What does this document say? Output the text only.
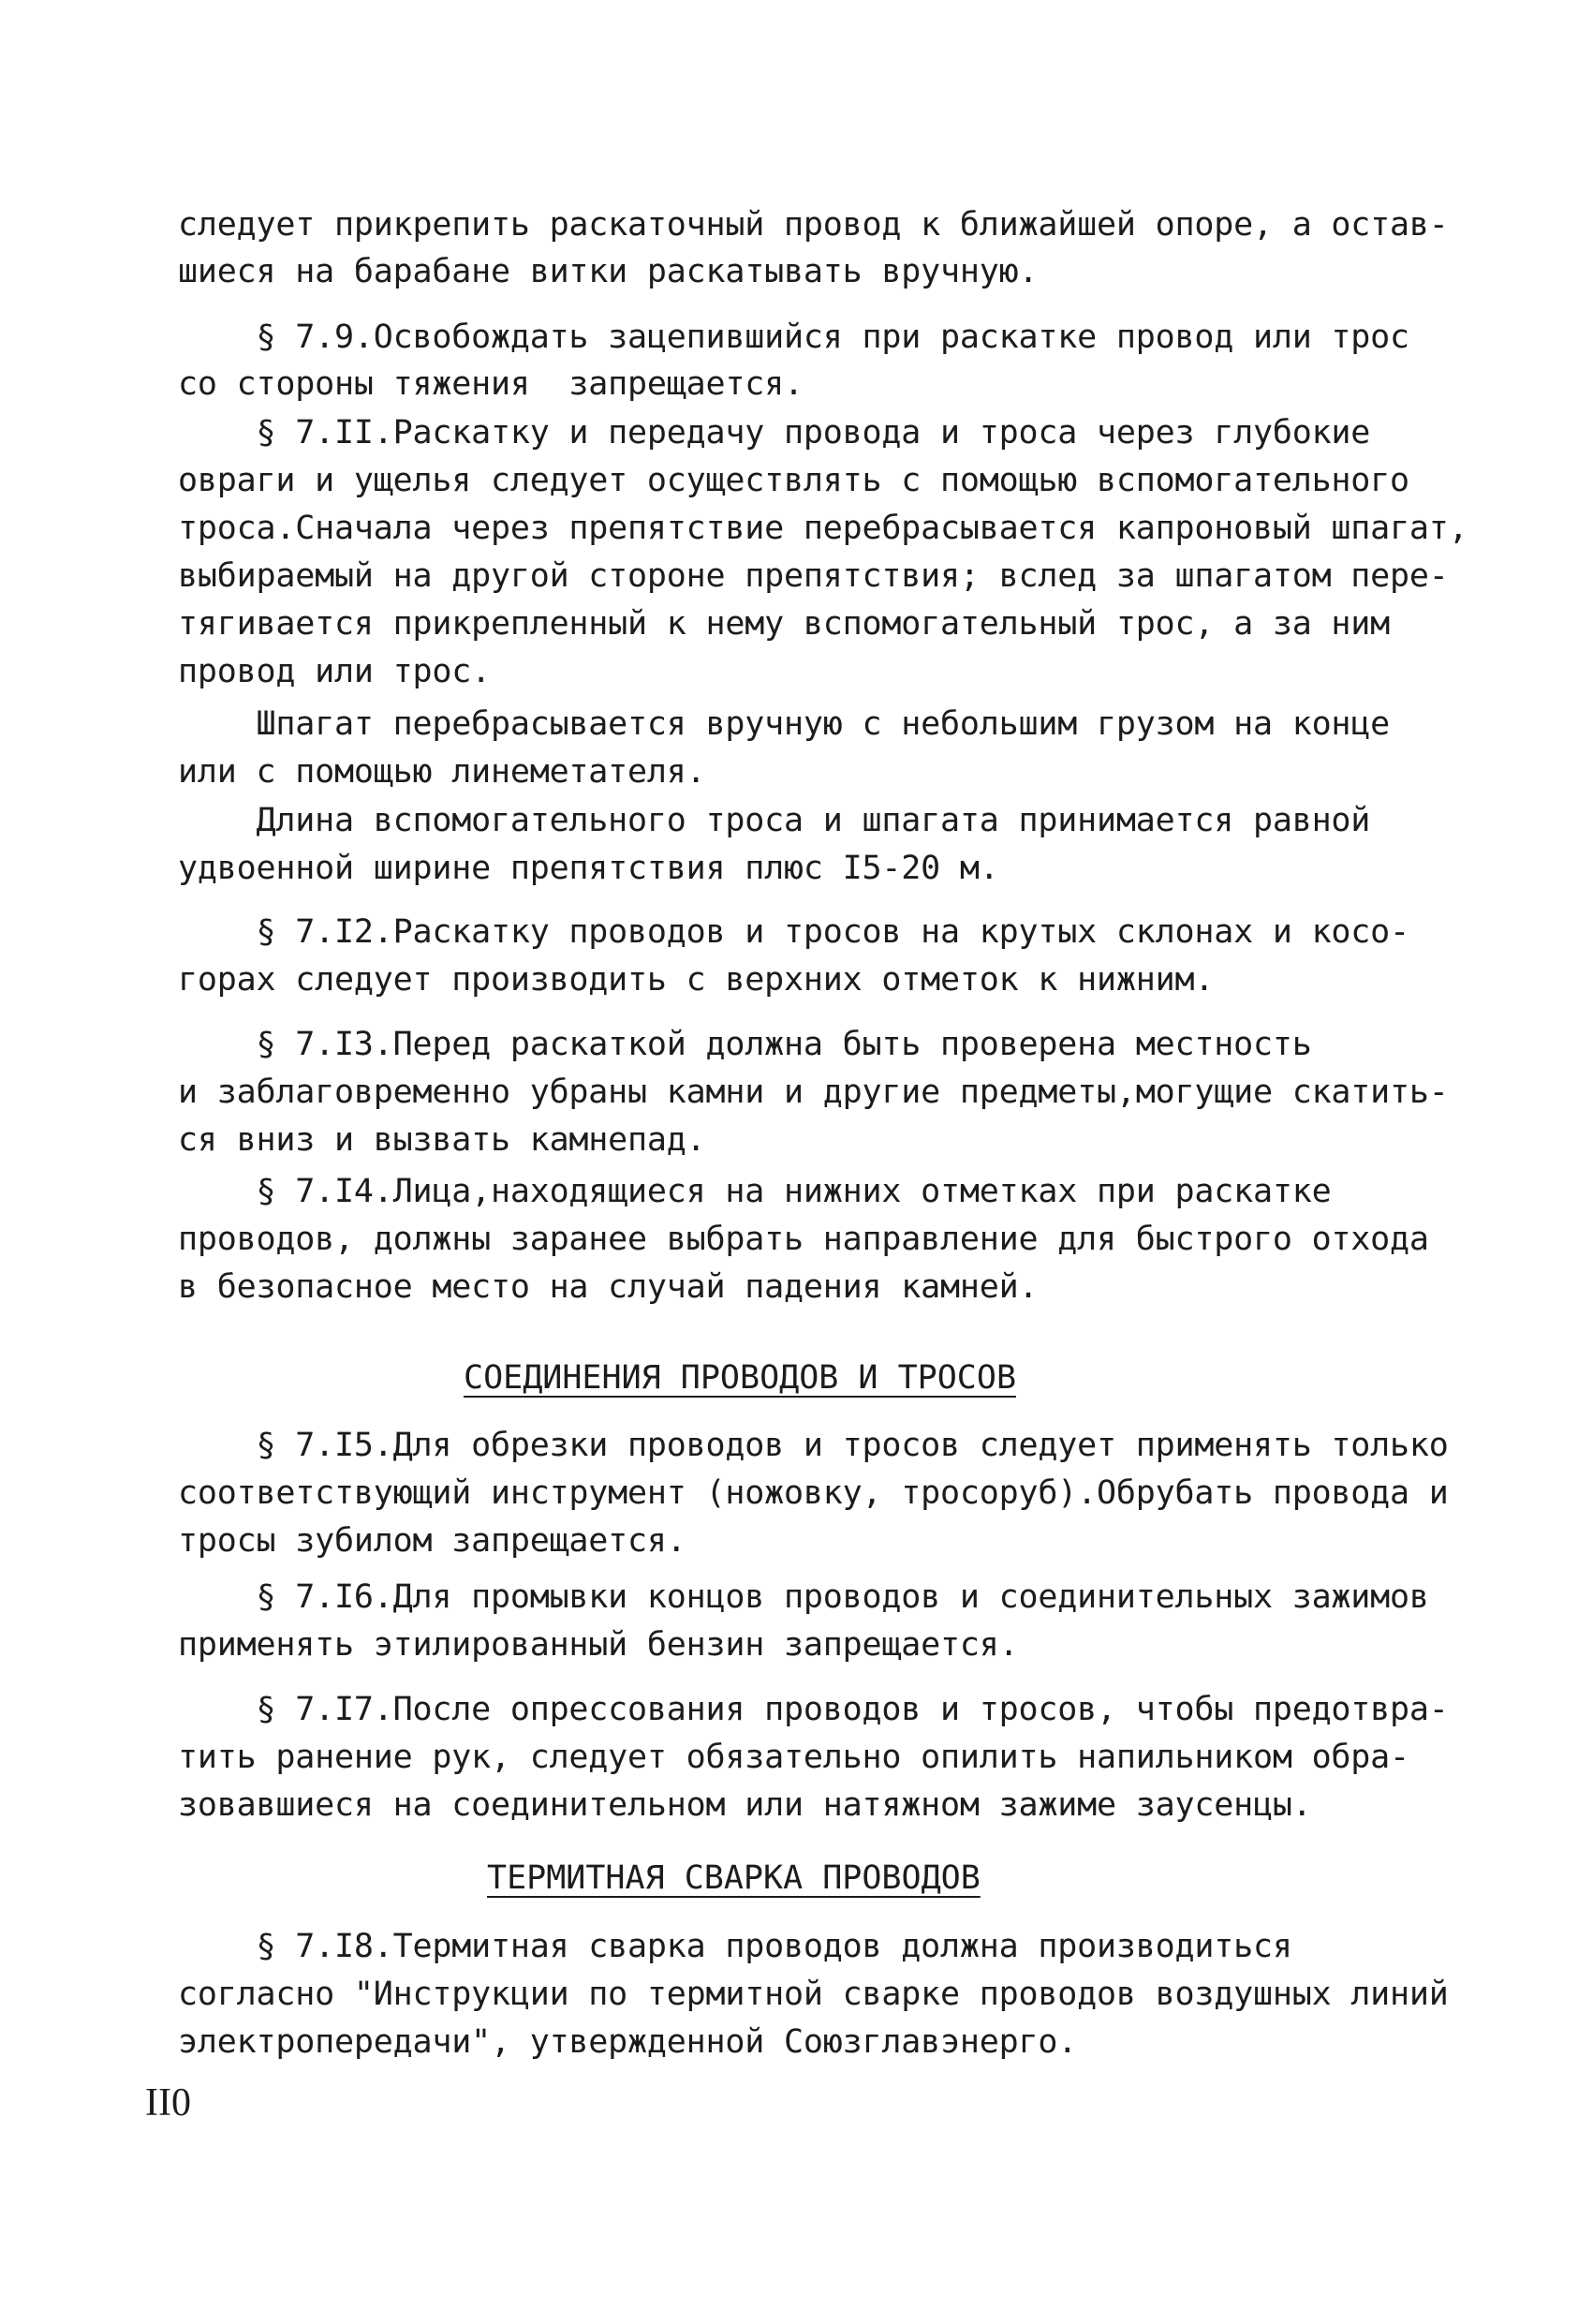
следует прикрепить раскаточный провод к ближайшей опоре, а остав-
шиеся на барабане витки раскатывать вручную.
§ 7.9.Освобождать зацепившийся при раскатке провод или трос
со стороны тяжения  запрещается.
§ 7.II.Раскатку и передачу провода и троса через глубокие
овраги и ущелья следует осуществлять с помощью вспомогательного
троса.Сначала через препятствие перебрасывается капроновый шпагат,
выбираемый на другой стороне препятствия; вслед за шпагатом пере-
тягивается прикрепленный к нему вспомогательный трос, а за ним
провод или трос.
Шпагат перебрасывается вручную с небольшим грузом на конце
или с помощью линеметателя.
Длина вспомогательного троса и шпагата принимается равной
удвоенной ширине препятствия плюс I5-20 м.
§ 7.I2.Раскатку проводов и тросов на крутых склонах и косо-
горах следует производить с верхних отметок к нижним.
§ 7.I3.Перед раскаткой должна быть проверена местность
и заблаговременно убраны камни и другие предметы,могущие скатить-
ся вниз и вызвать камнепад.
§ 7.I4.Лица,находящиеся на нижних отметках при раскатке
проводов, должны заранее выбрать направление для быстрого отхода
в безопасное место на случай падения камней.
СОЕДИНЕНИЯ ПРОВОДОВ И ТРОСОВ
§ 7.I5.Для обрезки проводов и тросов следует применять только
соответствующий инструмент (ножовку, тросоруб).Обрубать провода и
тросы зубилом запрещается.
§ 7.I6.Для промывки концов проводов и соединительных зажимов
применять этилированный бензин запрещается.
§ 7.I7.После опрессования проводов и тросов, чтобы предотвра-
тить ранение рук, следует обязательно опилить напильником обра-
зовавшиеся на соединительном или натяжном зажиме заусенцы.
ТЕРМИТНАЯ СВАРКА ПРОВОДОВ
§ 7.I8.Термитная сварка проводов должна производиться
согласно "Инструкции по термитной сварке проводов воздушных линий
электропередачи", утвержденной Союзглавэнерго.
II0
